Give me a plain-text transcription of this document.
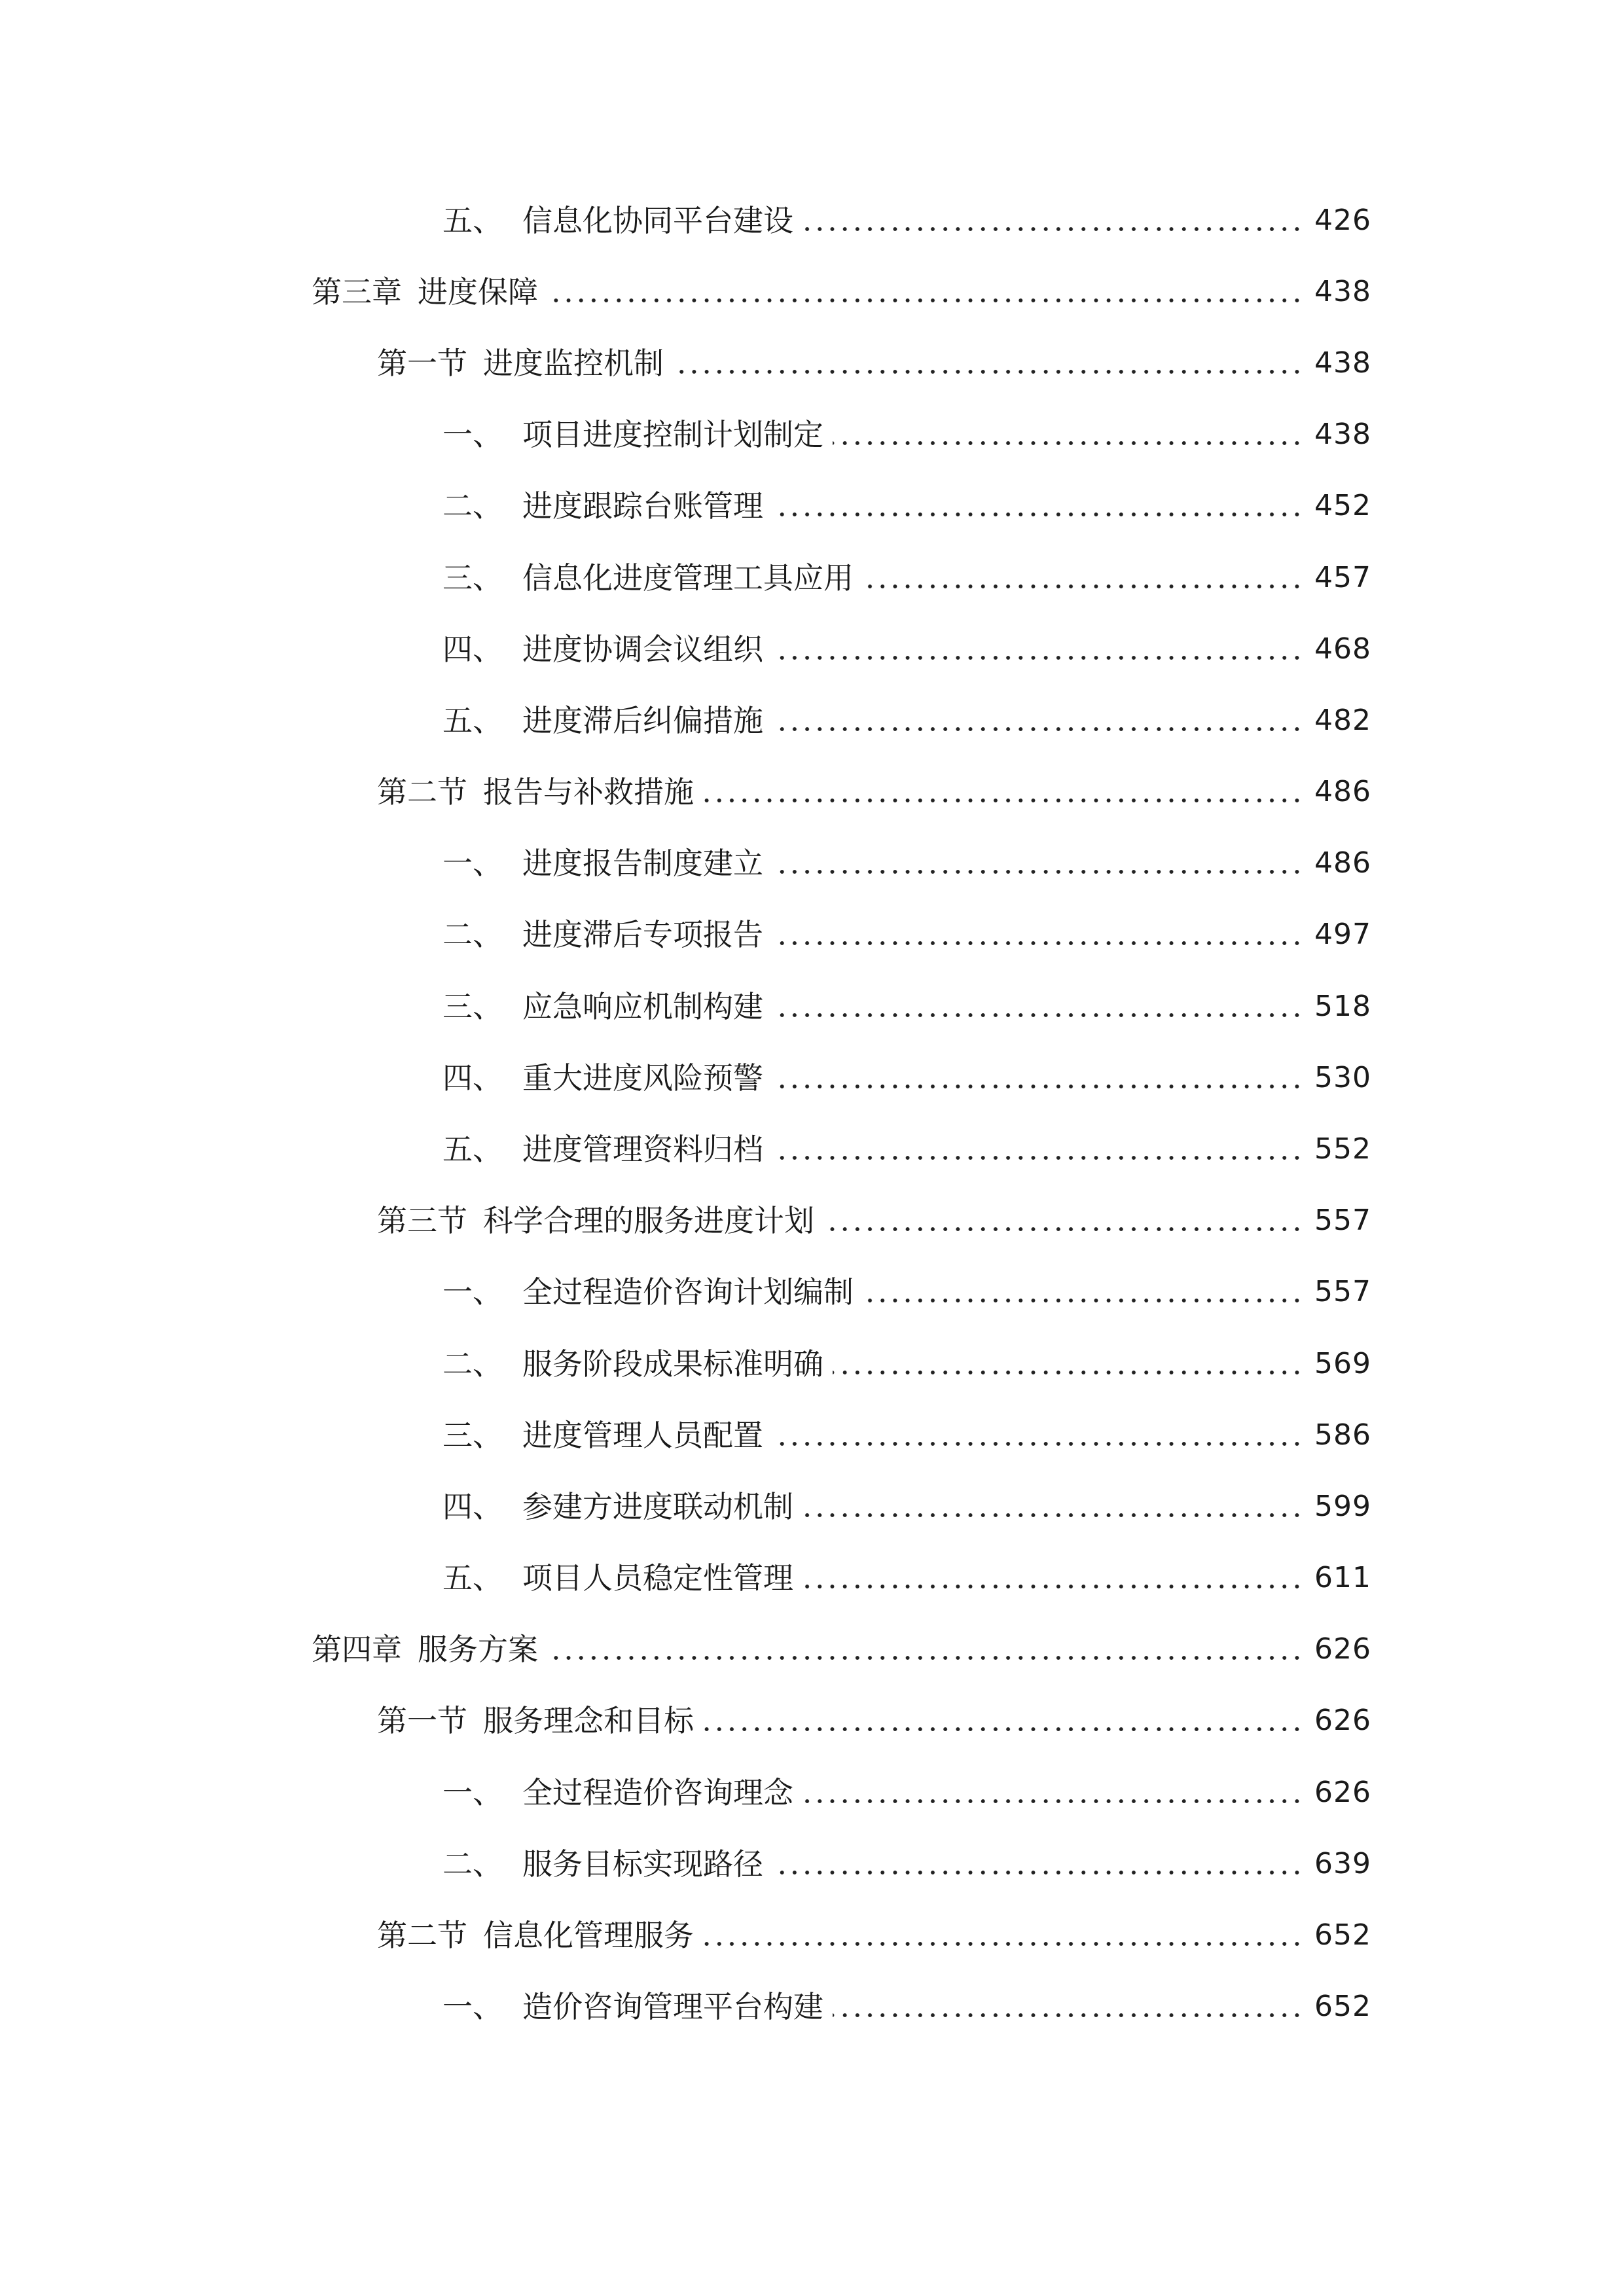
五、 信息化协同平台建设	426
第三章 进度保障	438
第一节 进度监控机制	438
一、 项目进度控制计划制定	438
二、 进度跟踪台账管理	452
三、 信息化进度管理工具应用	457
四、 进度协调会议组织	468
五、 进度滞后纠偏措施	482
第二节 报告与补救措施	486
一、 进度报告制度建立	486
二、 进度滞后专项报告	497
三、 应急响应机制构建	518
四、 重大进度风险预警	530
五、 进度管理资料归档	552
第三节 科学合理的服务进度计划	557
一、 全过程造价咨询计划编制	557
二、 服务阶段成果标准明确	569
三、 进度管理人员配置	586
四、 参建方进度联动机制	599
五、 项目人员稳定性管理	611
第四章 服务方案	626
第一节 服务理念和目标	626
一、 全过程造价咨询理念	626
二、 服务目标实现路径	639
第二节 信息化管理服务	652
一、 造价咨询管理平台构建	652
